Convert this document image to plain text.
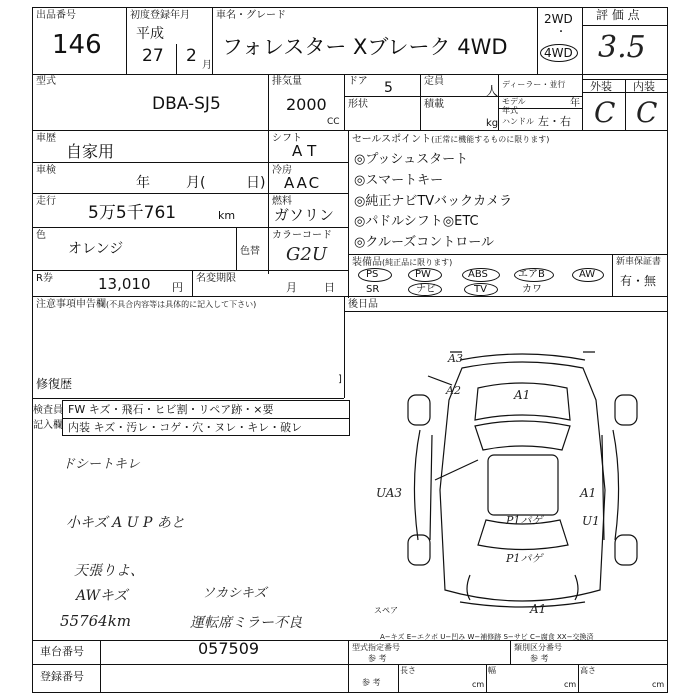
出品番号
146
初度登録年月
平成
27 2 月
車名・グレード
フォレスター Xブレーク 4WD
2WD
・
4WD
評 価 点
3.5
外装 内装
C C
型式
DBA-SJ5
排気量
2000
CC
ドア 5	定員
人
形状	積載
kg
ディーラー・並行
モデル 年式
年
ハンドル 左・右
車歴
自家用
シフト
AT
車検
年	月(	日)
冷房
AAC
走行
5万5千761	km
燃料
ガソリン
色
オレンジ	色替
カラーコード
G2U
R券	13,010 円
名変期限
月 日
セールスポイント(正常に機能するものに限ります)
◎プッシュスタート
◎スマートキー
◎純正ナビTVバックカメラ
◎パドルシフト◎ETC
◎クルーズコントロール
装備品(純正品に限ります)
PS	PW	ABS	エアB	AW
SR	ナビ	TV	カワ
新車保証書
有・無
後日品
注意事項申告欄(不具合内容等は具体的に記入して下さい)
修復歴	]
検査員
記入欄
FW キズ・飛石・ヒビ割・リペア跡・×要
内装 キズ・汚レ・コゲ・穴・ヌレ・キレ・破レ
ドシートキレ
小キズ A U P あと
天張りよ、
AWキズ
55764km
ソカシキズ
運転席ミラー不良
A3
A2	A1
UA3	A1
U1
P1パゲ
P1パゲ
A1
スペア
A−キズ E−エクボ U−凹み W−補修跡 S−サビ C−腐食 XX−交換済
車台番号	057509
登録番号
型式指定番号
参 考
類別区分番号
参 考
参 考
長さ
cm
幅
cm
高さ
cm
